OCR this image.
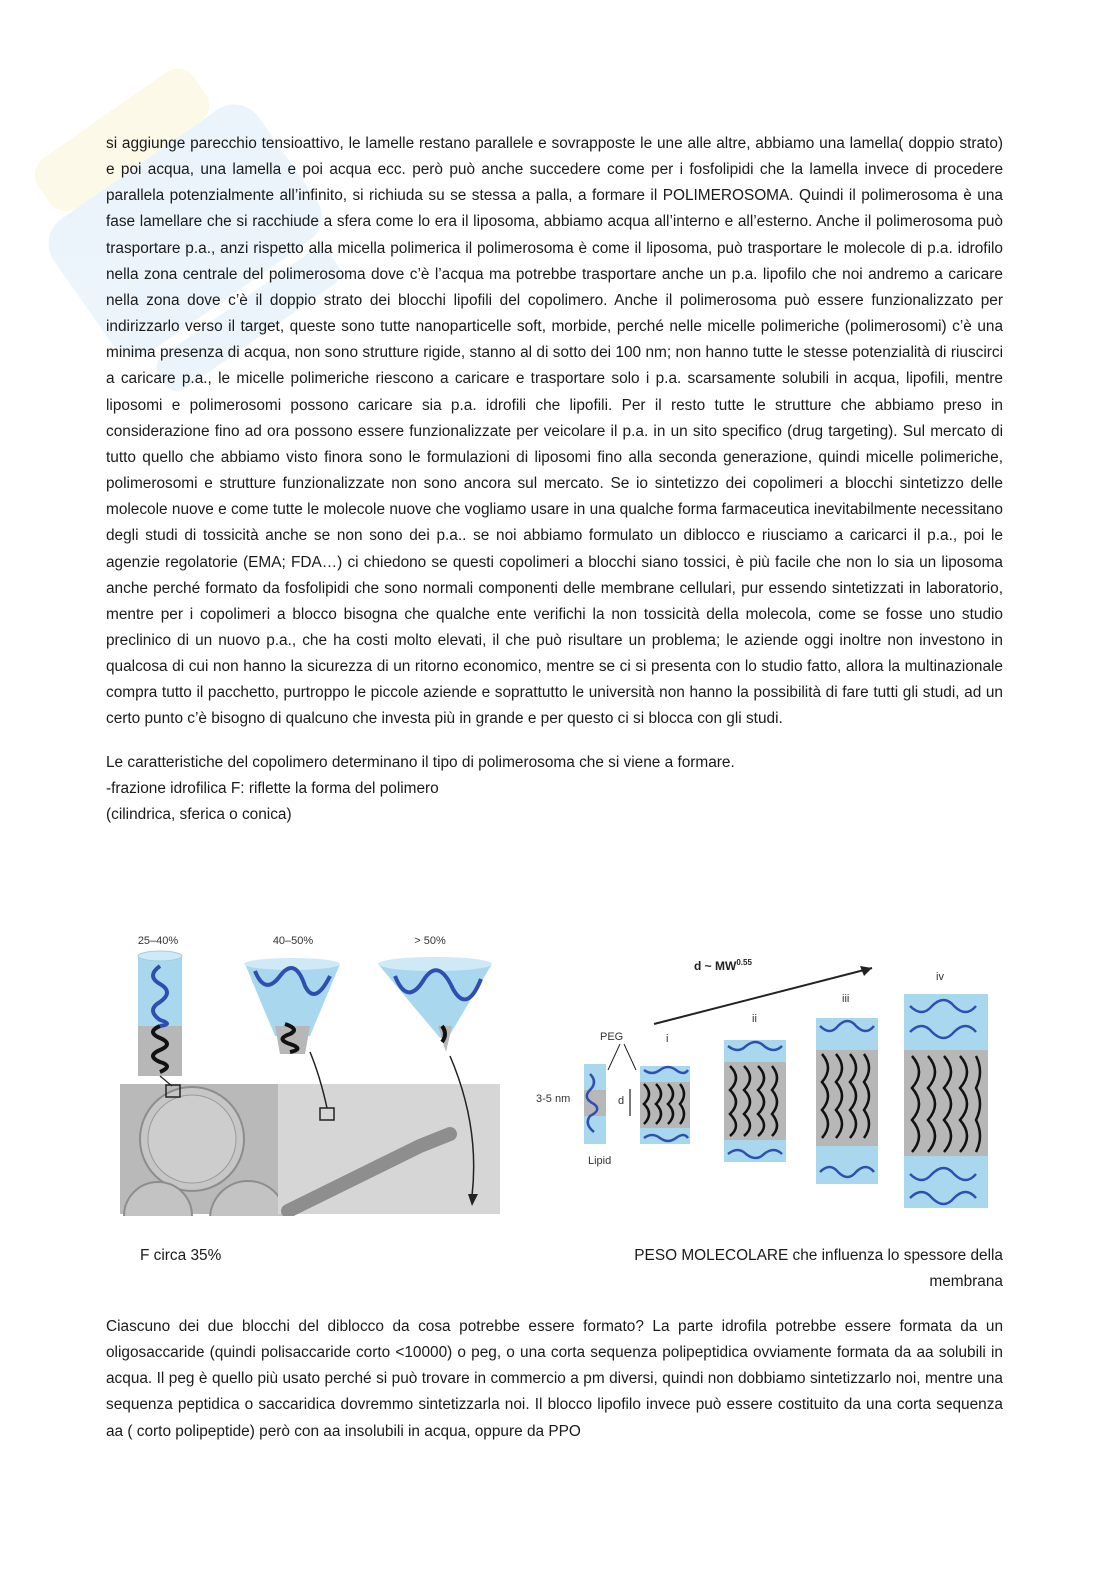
si aggiunge parecchio tensioattivo, le lamelle restano parallele e sovrapposte le une alle altre, abbiamo una lamella( doppio strato) e poi acqua, una lamella e poi acqua ecc. però può anche succedere come per i fosfolipidi che la lamella invece di procedere parallela potenzialmente all’infinito, si richiuda su se stessa a palla, a formare il POLIMEROSOMA. Quindi il polimerosoma è una fase lamellare che si racchiude a sfera come lo era il liposoma, abbiamo acqua all’interno e all’esterno. Anche il polimerosoma può trasportare p.a., anzi rispetto alla micella polimerica il polimerosoma è come il liposoma, può trasportare le molecole di p.a. idrofilo nella zona centrale del polimerosoma dove c’è l’acqua ma potrebbe trasportare anche un p.a. lipofilo che noi andremo a caricare nella zona dove c’è il doppio strato dei blocchi lipofili del copolimero. Anche il polimerosoma può essere funzionalizzato per indirizzarlo verso il target, queste sono tutte nanoparticelle soft, morbide, perché nelle micelle polimeriche (polimerosomi) c’è una minima presenza di acqua, non sono strutture rigide, stanno al di sotto dei 100 nm; non hanno tutte le stesse potenzialità di riuscirci a caricare p.a., le micelle polimeriche riescono a caricare e trasportare solo i p.a. scarsamente solubili in acqua, lipofili, mentre liposomi e polimerosomi possono caricare sia p.a. idrofili che lipofili. Per il resto tutte le strutture che abbiamo preso in considerazione fino ad ora possono essere funzionalizzate per veicolare il p.a. in un sito specifico (drug targeting). Sul mercato di tutto quello che abbiamo visto finora sono le formulazioni di liposomi fino alla seconda generazione, quindi micelle polimeriche, polimerosomi e strutture funzionalizzate non sono ancora sul mercato. Se io sintetizzo dei copolimeri a blocchi sintetizzo delle molecole nuove e come tutte le molecole nuove che vogliamo usare in una qualche forma farmaceutica inevitabilmente necessitano degli studi di tossicità anche se non sono dei p.a.. se noi abbiamo formulato un diblocco e riusciamo a caricarci il p.a., poi le agenzie regolatorie (EMA; FDA…) ci chiedono se questi copolimeri a blocchi siano tossici, è più facile che non lo sia un liposoma anche perché formato da fosfolipidi che sono normali componenti delle membrane cellulari, pur essendo sintetizzati in laboratorio, mentre per i copolimeri a blocco bisogna che qualche ente verifichi la non tossicità della molecola, come se fosse uno studio preclinico di un nuovo p.a., che ha costi molto elevati, il che può risultare un problema; le aziende oggi inoltre non investono in qualcosa di cui non hanno la sicurezza di un ritorno economico, mentre se ci si presenta con lo studio fatto, allora la multinazionale compra tutto il pacchetto, purtroppo le piccole aziende e soprattutto le università non hanno la possibilità di fare tutti gli studi, ad un certo punto c’è bisogno di qualcuno che investa più in grande e per questo ci si blocca con gli studi.

Le caratteristiche del copolimero determinano il tipo di polimerosoma che si viene a formare.

-frazione idrofilica F: riflette la forma del polimero

(cilindrica, sferica o conica)

25–40%	40–50%	> 50%
d ~ $MW^{0.55}$
PEG
3-5 nm
Lipid
d
i
ii
iii
iv
F circa 35%	PESO MOLECOLARE che influenza lo spessore della membrana

Ciascuno dei due blocchi del diblocco da cosa potrebbe essere formato? La parte idrofila potrebbe essere formata da un oligosaccaride (quindi polisaccaride corto <10000) o peg, o una corta sequenza polipeptidica ovviamente formata da aa solubili in acqua. Il peg è quello più usato perché si può trovare in commercio a pm diversi, quindi non dobbiamo sintetizzarlo noi, mentre una sequenza peptidica o saccaridica dovremmo sintetizzarla noi. Il blocco lipofilo invece può essere costituito da una corta sequenza aa ( corto polipeptide) però con aa insolubili in acqua, oppure da PPO
